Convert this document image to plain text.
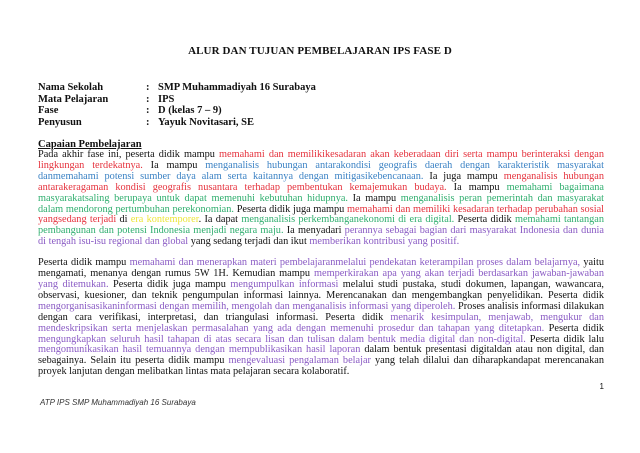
ALUR DAN TUJUAN PEMBELAJARAN IPS FASE D
Nama Sekolah	: SMP Muhammadiyah 16 Surabaya
Mata Pelajaran	: IPS
Fase	: D (kelas 7 – 9)
Penyusun	: Yayuk Novitasari, SE
Capaian Pembelajaran

Pada akhir fase ini, peserta didik mampu memahami dan memilikikesadaran akan keberadaan diri serta mampu berinteraksi dengan lingkungan terdekatnya. Ia mampu menganalisis hubungan antarakondisi geografis daerah dengan karakteristik masyarakat danmemahami potensi sumber daya alam serta kaitannya dengan mitigasikebencanaan. Ia juga mampu menganalisis hubungan antarakeragaman kondisi geografis nusantara terhadap pembentukan kemajemukan budaya. Ia mampu memahami bagaimana masyarakatsaling berupaya untuk dapat memenuhi kebutuhan hidupnya. Ia mampu menganalisis peran pemerintah dan masyarakat dalam mendorong pertumbuhan perekonomian. Peserta didik juga mampu memahami dan memiliki kesadaran terhadap perubahan sosial yangsedang terjadi di era kontemporer. Ia dapat menganalisis perkembanganekonomi di era digital. Peserta didik memahami tantangan pembangunan dan potensi Indonesia menjadi negara maju. Ia menyadari perannya sebagai bagian dari masyarakat Indonesia dan dunia di tengah isu-isu regional dan global yang sedang terjadi dan ikut memberikan kontribusi yang positif.

Peserta didik mampu memahami dan menerapkan materi pembelajaranmelalui pendekatan keterampilan proses dalam belajarnya, yaitu mengamati, menanya dengan rumus 5W 1H. Kemudian mampu memperkirakan apa yang akan terjadi berdasarkan jawaban-jawaban yang ditemukan. Peserta didik juga mampu mengumpulkan informasi melalui studi pustaka, studi dokumen, lapangan, wawancara, observasi, kuesioner, dan teknik pengumpulan informasi lainnya. Merencanakan dan mengembangkan penyelidikan. Peserta didik mengorganisasikaninformasi dengan memilih, mengolah dan menganalisis informasi yang diperoleh. Proses analisis informasi dilakukan dengan cara verifikasi, interpretasi, dan triangulasi informasi. Peserta didik menarik kesimpulan, menjawab, mengukur dan mendeskripsikan serta menjelaskan permasalahan yang ada dengan memenuhi prosedur dan tahapan yang ditetapkan. Peserta didik mengungkapkan seluruh hasil tahapan di atas secara lisan dan tulisan dalam bentuk media digital dan non-digital. Peserta didik lalu mengomunikasikan hasil temuannya dengan mempublikasikan hasil laporan dalam bentuk presentasi digitaldan atau non digital, dan sebagainya. Selain itu peserta didik mampu mengevaluasi pengalaman belajar yang telah dilalui dan diharapkandapat merencanakan proyek lanjutan dengan melibatkan lintas mata pelajaran secara kolaboratif.

1
ATP IPS SMP Muhammadiyah 16 Surabaya
